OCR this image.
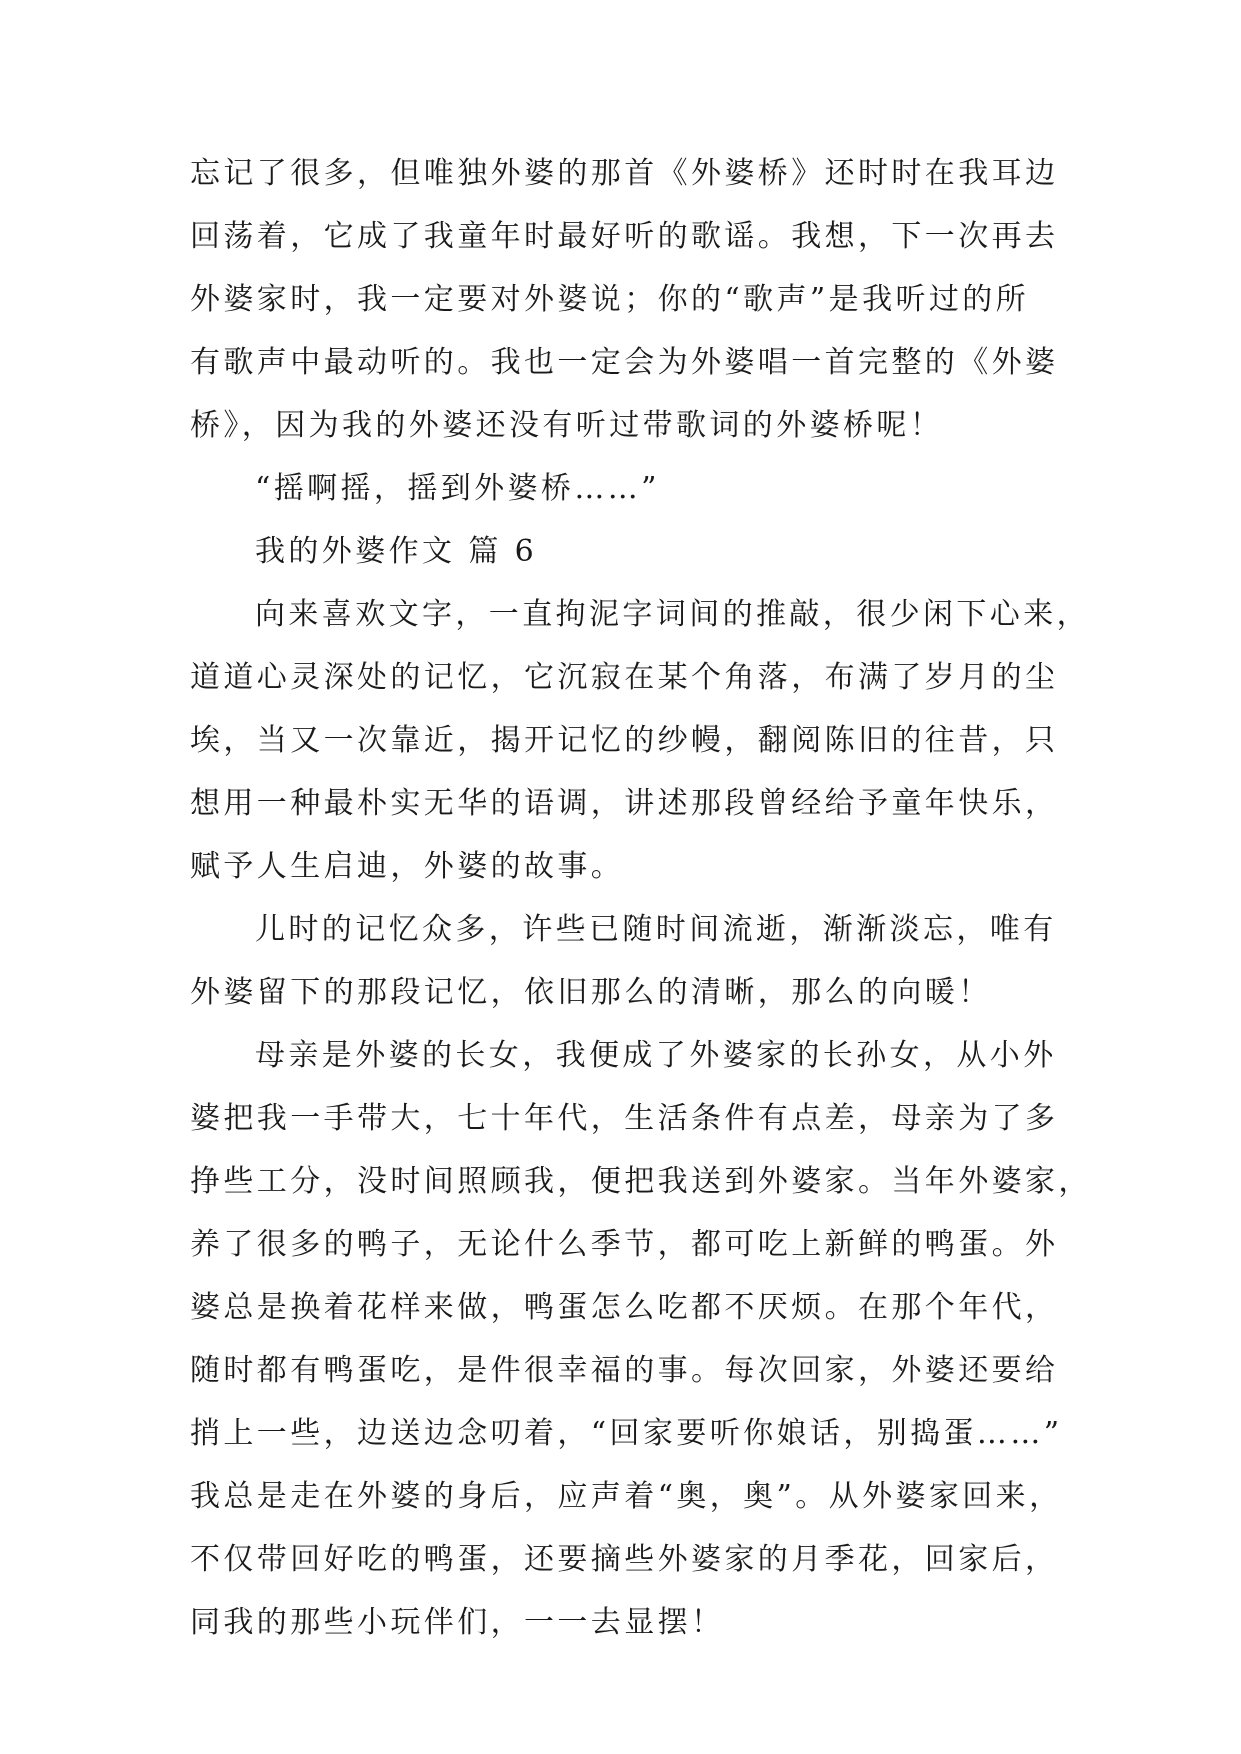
忘记了很多，但唯独外婆的那首《外婆桥》还时时在我耳边
回荡着，它成了我童年时最好听的歌谣。我想，下一次再去
外婆家时，我一定要对外婆说；你的“歌声”是我听过的所
有歌声中最动听的。我也一定会为外婆唱一首完整的《外婆
桥》，因为我的外婆还没有听过带歌词的外婆桥呢！
“摇啊摇，摇到外婆桥……”
我的外婆作文 篇 6
向来喜欢文字，一直拘泥字词间的推敲，很少闲下心来，
道道心灵深处的记忆，它沉寂在某个角落，布满了岁月的尘
埃，当又一次靠近，揭开记忆的纱幔，翻阅陈旧的往昔，只
想用一种最朴实无华的语调，讲述那段曾经给予童年快乐，
赋予人生启迪，外婆的故事。
儿时的记忆众多，许些已随时间流逝，渐渐淡忘，唯有
外婆留下的那段记忆，依旧那么的清晰，那么的向暖！
母亲是外婆的长女，我便成了外婆家的长孙女，从小外
婆把我一手带大，七十年代，生活条件有点差，母亲为了多
挣些工分，没时间照顾我，便把我送到外婆家。当年外婆家，
养了很多的鸭子，无论什么季节，都可吃上新鲜的鸭蛋。外
婆总是换着花样来做，鸭蛋怎么吃都不厌烦。在那个年代，
随时都有鸭蛋吃，是件很幸福的事。每次回家，外婆还要给
捎上一些，边送边念叨着，“回家要听你娘话，别捣蛋……”
我总是走在外婆的身后，应声着“奥，奥”。从外婆家回来，
不仅带回好吃的鸭蛋，还要摘些外婆家的月季花，回家后，
同我的那些小玩伴们，一一去显摆！
